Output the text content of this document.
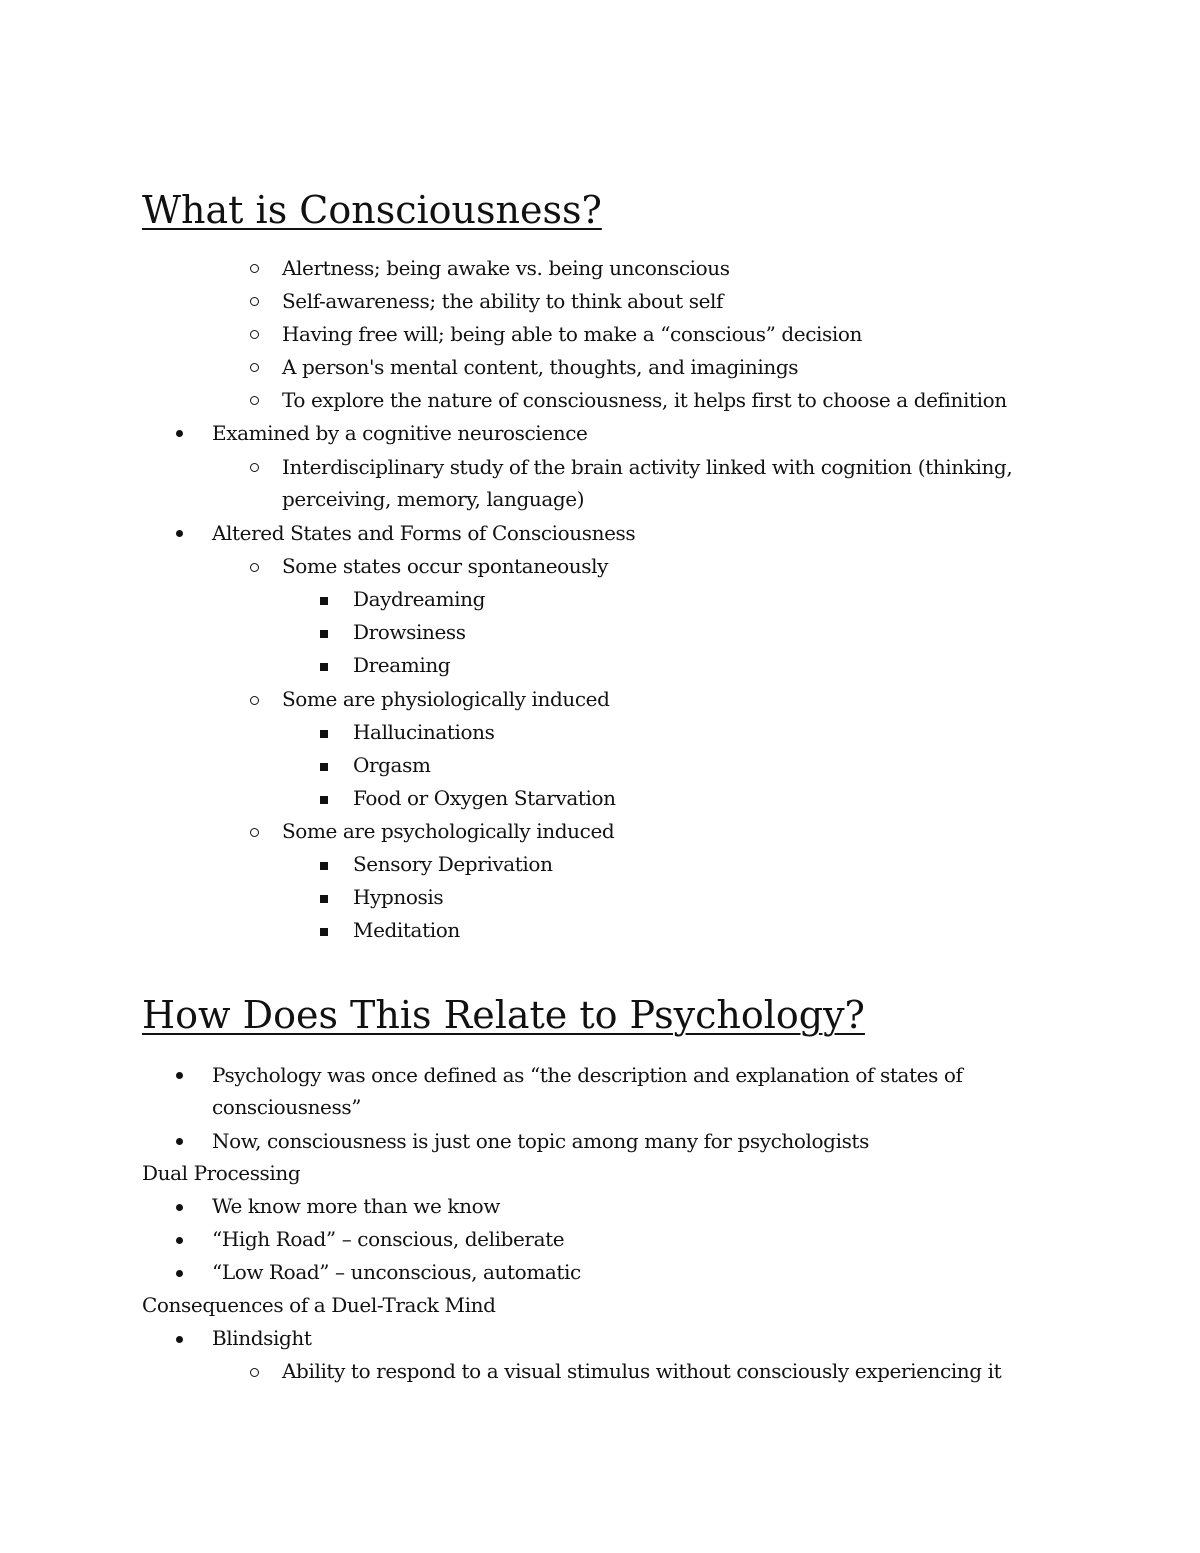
What is Consciousness?
Alertness; being awake vs. being unconscious
Self-awareness; the ability to think about self
Having free will; being able to make a “conscious” decision
A person's mental content, thoughts, and imaginings
To explore the nature of consciousness, it helps first to choose a definition
Examined by a cognitive neuroscience
Interdisciplinary study of the brain activity linked with cognition (thinking,
perceiving, memory, language)
Altered States and Forms of Consciousness
Some states occur spontaneously
Daydreaming
Drowsiness
Dreaming
Some are physiologically induced
Hallucinations
Orgasm
Food or Oxygen Starvation
Some are psychologically induced
Sensory Deprivation
Hypnosis
Meditation
How Does This Relate to Psychology?
Psychology was once defined as “the description and explanation of states of
consciousness”
Now, consciousness is just one topic among many for psychologists
Dual Processing
We know more than we know
“High Road” – conscious, deliberate
“Low Road” – unconscious, automatic
Consequences of a Duel-Track Mind
Blindsight
Ability to respond to a visual stimulus without consciously experiencing it
